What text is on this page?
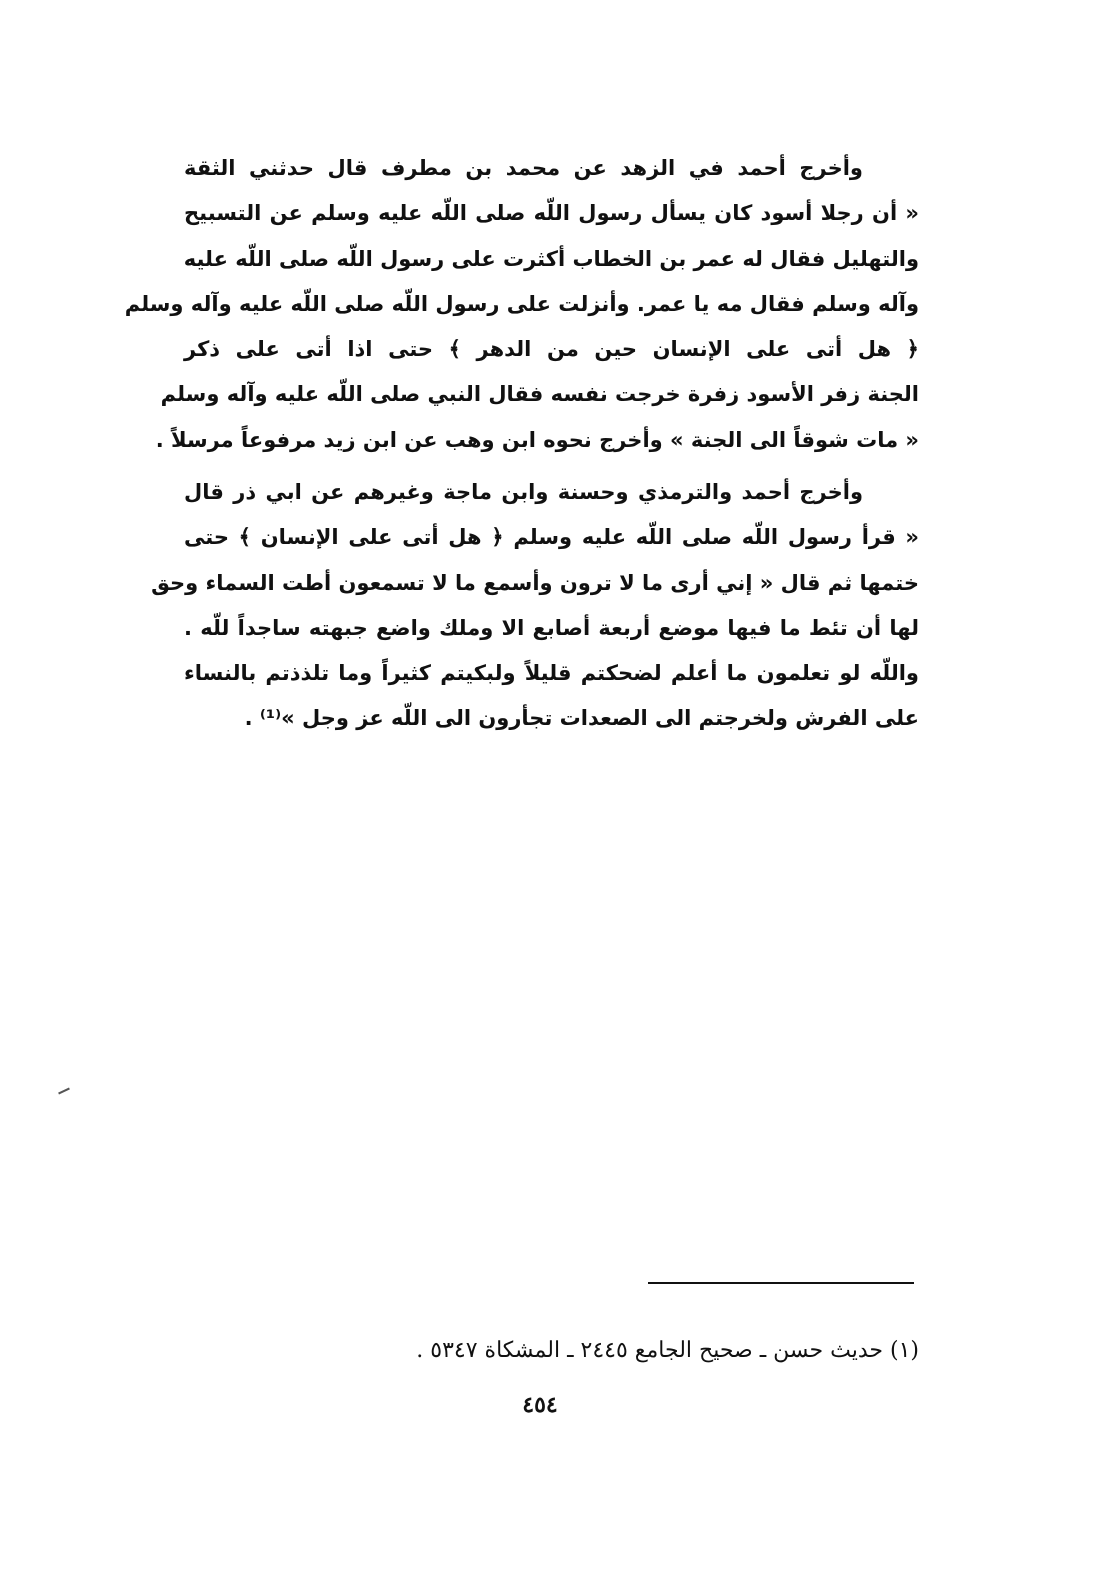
وأخرج أحمد في الزهد عن محمد بن مطرف قال حدثني الثقة
« أن رجلا أسود كان يسأل رسول اللّه صلى اللّه عليه وسلم عن التسبيح
والتهليل فقال له عمر بن الخطاب أكثرت على رسول اللّه صلى اللّه عليه
وآله وسلم فقال مه يا عمر. وأنزلت على رسول اللّه صلى اللّه عليه وآله وسلم
﴿ هل أتى على الإنسان حين من الدهر ﴾ حتى اذا أتى على ذكر
الجنة زفر الأسود زفرة خرجت نفسه فقال النبي صلى اللّه عليه وآله وسلم
« مات شوقاً الى الجنة » وأخرج نحوه ابن وهب عن ابن زيد مرفوعاً مرسلاً .
وأخرج أحمد والترمذي وحسنة وابن ماجة وغيرهم عن ابي ذر قال
« قرأ رسول اللّه صلى اللّه عليه وسلم ﴿ هل أتى على الإنسان ﴾ حتى
ختمها ثم قال « إني أرى ما لا ترون وأسمع ما لا تسمعون أطت السماء وحق
لها أن تئط ما فيها موضع أربعة أصابع الا وملك واضع جبهته ساجداً للّه .
واللّه لو تعلمون ما أعلم لضحكتم قليلاً ولبكيتم كثيراً وما تلذذتم بالنساء
على الفرش ولخرجتم الى الصعدات تجأرون الى اللّه عز وجل »⁽¹⁾ .
(١) حديث حسن ـ صحيح الجامع ٢٤٤٥ ـ المشكاة ٥٣٤٧ .
٤٥٤
